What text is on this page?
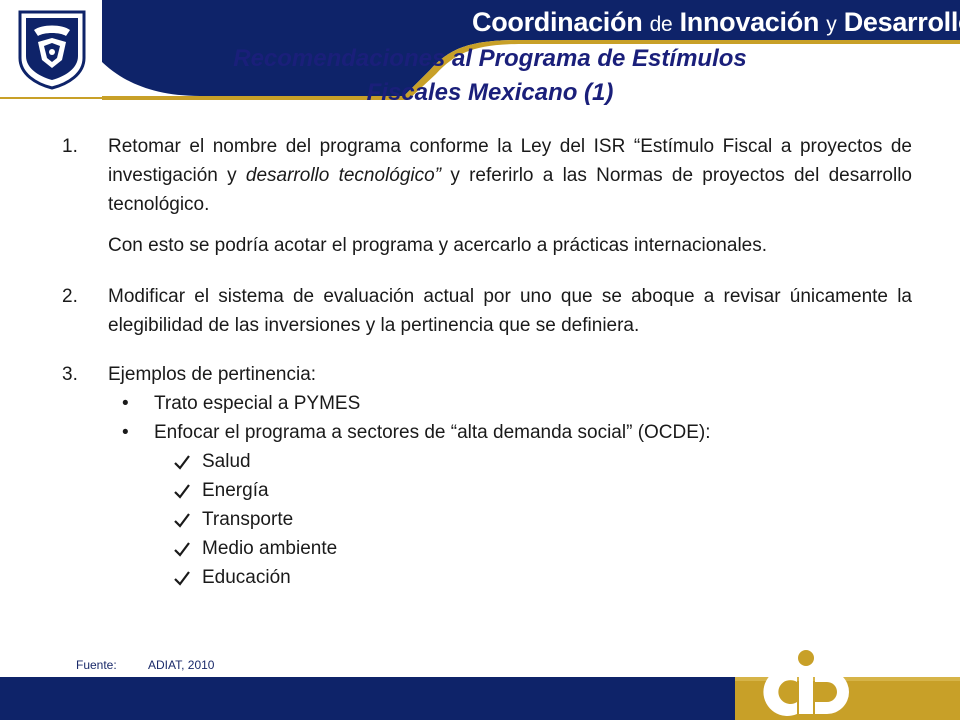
Coordinación de Innovación y Desarrollo
Recomendaciones al Programa de Estímulos
Fiscales Mexicano (1)
1.	Retomar el nombre del programa conforme la Ley del ISR “Estímulo Fiscal a proyectos de investigación y desarrollo tecnológico” y referirlo a las Normas de proyectos del desarrollo tecnológico.
Con esto se podría acotar el programa y acercarlo a prácticas internacionales.
2.	Modificar el sistema de evaluación actual por uno que se aboque a revisar únicamente la elegibilidad de las inversiones y la pertinencia que se definiera.
3.	Ejemplos de pertinencia:
•	Trato especial a PYMES
•	Enfocar el programa a sectores de “alta demanda social” (OCDE):
Salud
Energía
Transporte
Medio ambiente
Educación
Fuente:	ADIAT, 2010
